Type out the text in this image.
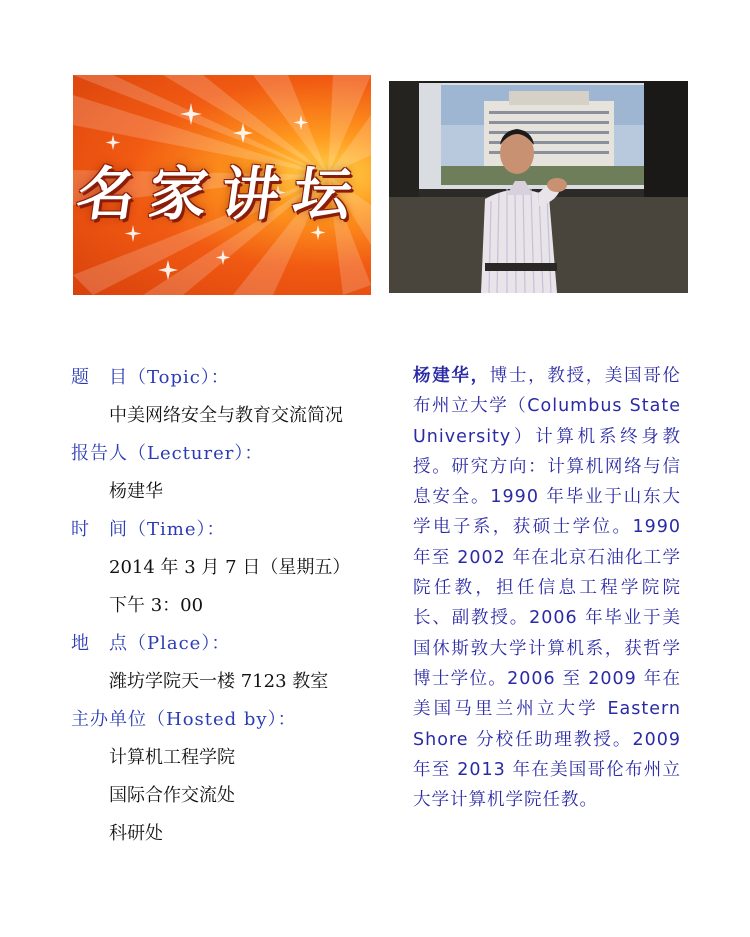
名家讲坛
题　目（Topic）：
中美网络安全与教育交流简况
报告人（Lecturer）：
杨建华
时　间（Time）：
2014 年 3 月 7 日（星期五）
下午 3：00
地　点（Place）：
潍坊学院天一楼 7123 教室
主办单位（Hosted by）：
计算机工程学院
国际合作交流处
科研处
杨建华，博士，教授，美国哥伦布州立大学（Columbus State University）计算机系终身教授。研究方向：计算机网络与信息安全。1990 年毕业于山东大学电子系，获硕士学位。1990 年至 2002 年在北京石油化工学院任教，担任信息工程学院院长、副教授。2006 年毕业于美国休斯敦大学计算机系，获哲学博士学位。2006 至 2009 年在美国马里兰州立大学 Eastern Shore 分校任助理教授。2009 年至 2013 年在美国哥伦布州立大学计算机学院任教。
